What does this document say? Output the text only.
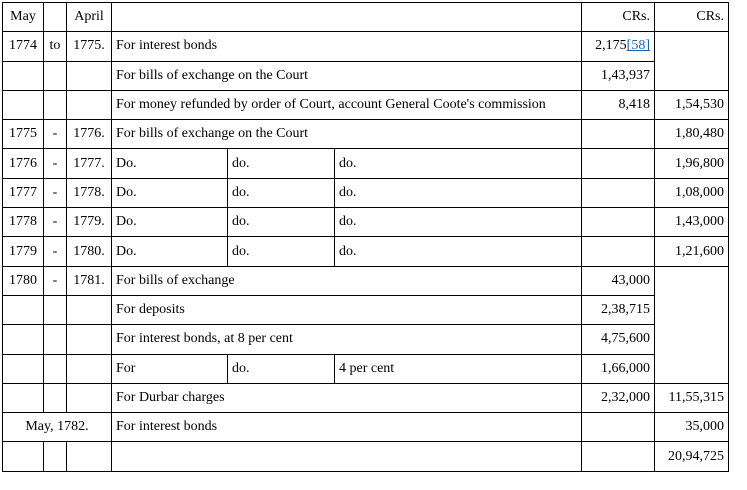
May		April				CRs.	CRs.
1774	to	1775.	For interest bonds			2,175[58]	
			For bills of exchange on the Court			1,43,937	
			For money refunded by order of Court, account General Coote's commission			8,418	1,54,530
1775	-	1776.	For bills of exchange on the Court				1,80,480
1776	-	1777.	Do.	do.	do.		1,96,800
1777	-	1778.	Do.	do.	do.		1,08,000
1778	-	1779.	Do.	do.	do.		1,43,000
1779	-	1780.	Do.	do.	do.		1,21,600
1780	-	1781.	For bills of exchange			43,000	
			For deposits			2,38,715	
			For interest bonds, at 8 per cent			4,75,600	
			For	do.	4 per cent	1,66,000	
			For Durbar charges			2,32,000	11,55,315
May, 1782.			For interest bonds				35,000
							20,94,725
